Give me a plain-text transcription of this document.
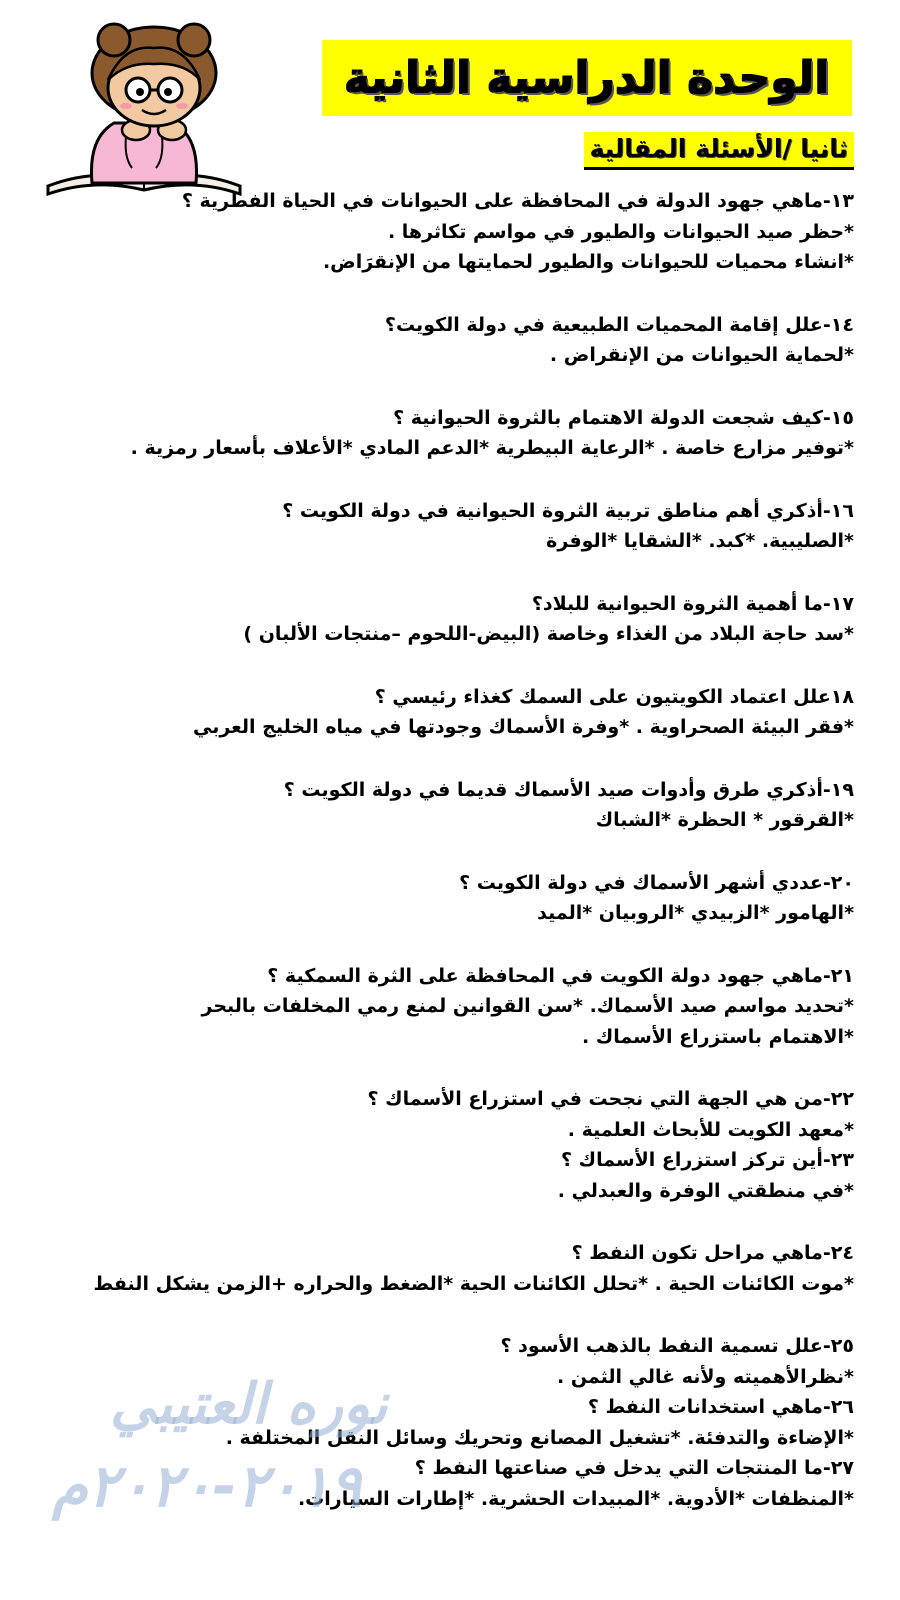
الوحدة الدراسية الثانية
ثانيا /الأسئلة المقالية
١٣-ماهي جهود الدولة في المحافظة على الحيوانات في الحياة الفطرية ؟
*حظر صيد الحيوانات والطيور في مواسم تكاثرها .
*انشاء محميات للحيوانات والطيور لحمايتها من الإنقرَاض.
١٤-علل إقامة المحميات الطبيعية في دولة الكويت؟
*لحماية الحيوانات من الإنقراض .
١٥-كيف شجعت الدولة الاهتمام بالثروة الحيوانية ؟
*توفير مزارع خاصة . *الرعاية البيطرية *الدعم المادي *الأعلاف بأسعار رمزية .
١٦-أذكري أهم مناطق تربية الثروة الحيوانية في دولة الكويت ؟
*الصليبية. *كبد. *الشقايا *الوفرة
١٧-ما أهمية الثروة الحيوانية للبلاد؟
*سد حاجة البلاد من الغذاء وخاصة (البيض-اللحوم –منتجات الألبان )
١٨علل اعتماد الكويتيون على السمك كغذاء رئيسي ؟
*فقر البيئة الصحراوية . *وفرة الأسماك وجودتها في مياه الخليج العربي
١٩-أذكري طرق وأدوات صيد الأسماك قديما في دولة الكويت ؟
*القرقور * الحظرة *الشباك
٢٠-عددي أشهر الأسماك في دولة الكويت ؟
*الهامور *الزبيدي *الروبيان *الميد
٢١-ماهي جهود دولة الكويت في المحافظة على الثرة السمكية ؟
*تحديد مواسم صيد الأسماك. *سن القوانين لمنع رمي المخلفات بالبحر
*الاهتمام باستزراع الأسماك .
٢٢-من هي الجهة التي نجحت في استزراع الأسماك ؟
*معهد الكويت للأبحاث العلمية .
٢٣-أين تركز استزراع الأسماك ؟
*في منطقتي الوفرة والعبدلي .
٢٤-ماهي مراحل تكون النفط ؟
*موت الكائنات الحية . *تحلل الكائنات الحية *الضغط والحراره +الزمن يشكل النفط
٢٥-علل تسمية النفط بالذهب الأسود ؟
*نظرالأهميته ولأنه غالي الثمن .
٢٦-ماهي استخدانات النفط ؟
*الإضاءة والتدفئة. *تشغيل المصانع وتحريك وسائل النقل المختلفة .
٢٧-ما المنتجات التي يدخل في صناعتها النفط ؟
*المنظفات *الأدوية. *المبيدات الحشرية. *إطارات السيارات.
نوره العتيبي
٢٠١٩-٢٠٢٠م
